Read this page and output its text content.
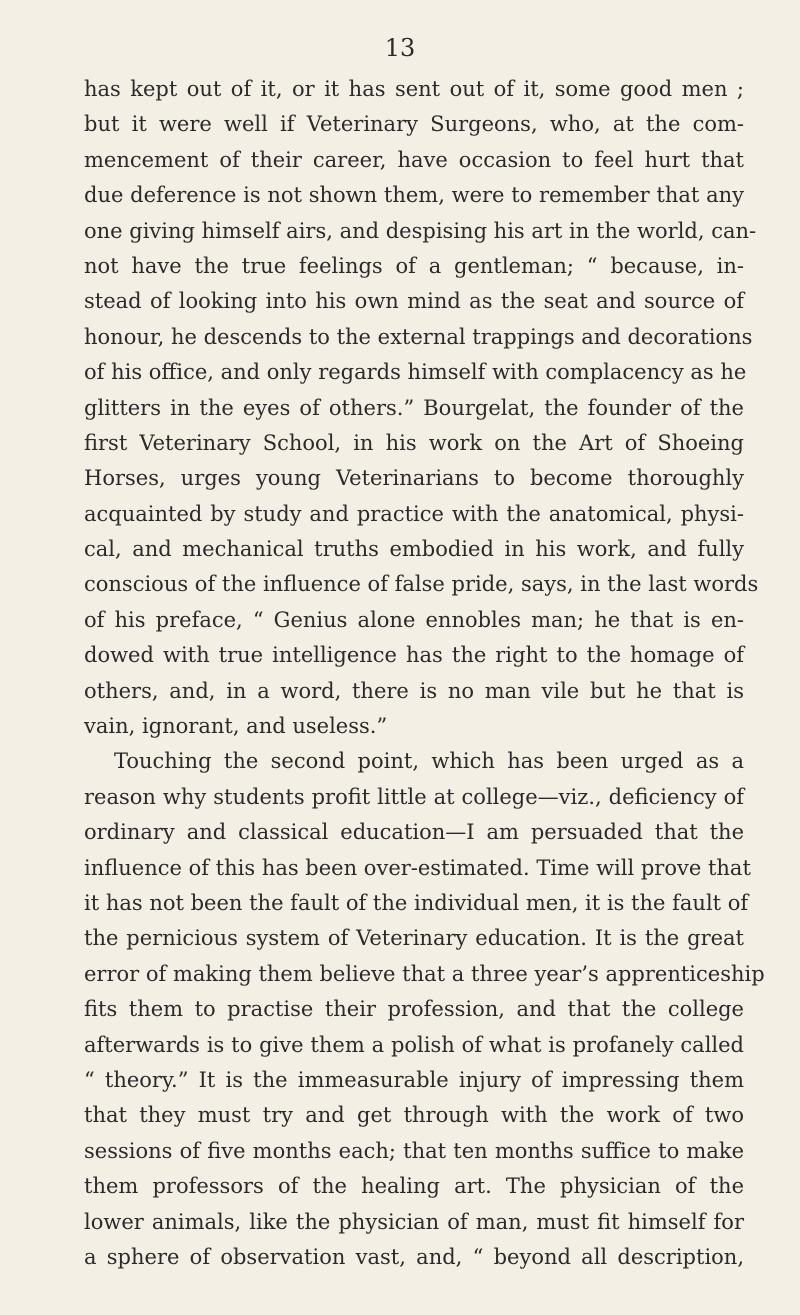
13
has kept out of it, or it has sent out of it, some good men ;
but it were well if Veterinary Surgeons, who, at the com-
mencement of their career, have occasion to feel hurt that
due deference is not shown them, were to remember that any
one giving himself airs, and despising his art in the world, can-
not have the true feelings of a gentleman; “ because, in-
stead of looking into his own mind as the seat and source of
honour, he descends to the external trappings and decorations
of his office, and only regards himself with complacency as he
glitters in the eyes of others.” Bourgelat, the founder of the
first Veterinary School, in his work on the Art of Shoeing
Horses, urges young Veterinarians to become thoroughly
acquainted by study and practice with the anatomical, physi-
cal, and mechanical truths embodied in his work, and fully
conscious of the influence of false pride, says, in the last words
of his preface, “ Genius alone ennobles man; he that is en-
dowed with true intelligence has the right to the homage of
others, and, in a word, there is no man vile but he that is
vain, ignorant, and useless.”
Touching the second point, which has been urged as a
reason why students profit little at college—viz., deficiency of
ordinary and classical education—I am persuaded that the
influence of this has been over-estimated. Time will prove that
it has not been the fault of the individual men, it is the fault of
the pernicious system of Veterinary education. It is the great
error of making them believe that a three year’s apprenticeship
fits them to practise their profession, and that the college
afterwards is to give them a polish of what is profanely called
“ theory.” It is the immeasurable injury of impressing them
that they must try and get through with the work of two
sessions of five months each; that ten months suffice to make
them professors of the healing art. The physician of the
lower animals, like the physician of man, must fit himself for
a sphere of observation vast, and, “ beyond all description,
